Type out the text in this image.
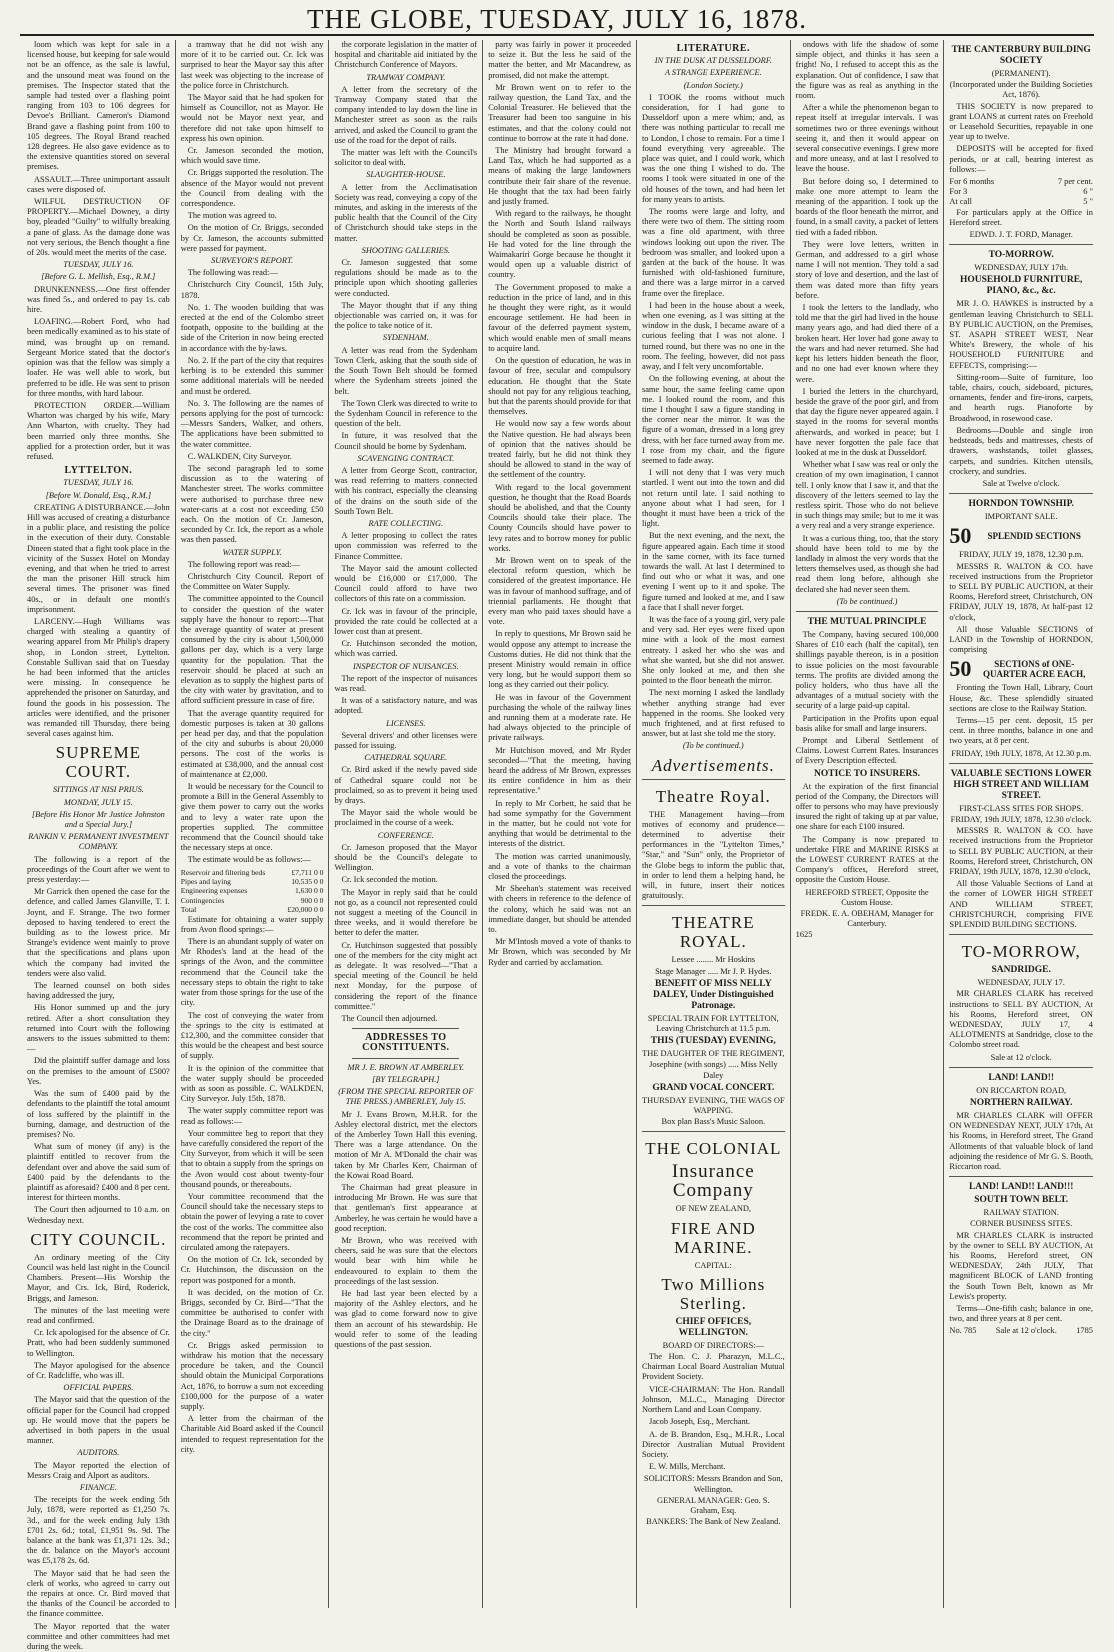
THE GLOBE, TUESDAY, JULY 16, 1878.

loom which was kept for sale in a licensed house, but keeping for sale would not be an offence, as the sale is lawful, and the unsound meat was found on the premises. The Inspector stated that the sample had tested over a flashing point ranging from 103 to 106 degrees for Devoe's Brilliant. Cameron's Diamond Brand gave a flashing point from 100 to 105 degrees. The Royal Brand reached 128 degrees. He also gave evidence as to the extensive quantities stored on several premises.

ASSAULT.—Three unimportant assault cases were disposed of.

WILFUL DESTRUCTION OF PROPERTY.—Michael Downey, a dirty boy, pleaded "Guilty" to wilfully breaking a pane of glass. As the damage done was not very serious, the Bench thought a fine of 20s. would meet the merits of the case.

TUESDAY, JULY 16.
[Before G. L. Mellish, Esq., R.M.]

DRUNKENNESS.—One first offender was fined 5s., and ordered to pay 1s. cab hire.

LOAFING.—Robert Ford, who had been medically examined as to his state of mind, was brought up on remand. Sergeant Morice stated that the doctor's opinion was that the fellow was simply a loafer. He was well able to work, but preferred to be idle. He was sent to prison for three months, with hard labour.

PROTECTION ORDER.—William Wharton was charged by his wife, Mary Ann Wharton, with cruelty. They had been married only three months. She applied for a protection order, but it was refused.

LYTTELTON.
TUESDAY, JULY 16.
[Before W. Donald, Esq., R.M.]

CREATING A DISTURBANCE.—John Hill was accused of creating a disturbance in a public place, and resisting the police in the execution of their duty. Constable Dineen stated that a fight took place in the vicinity of the Sussex Hotel on Monday evening, and that when he tried to arrest the man the prisoner Hill struck him several times. The prisoner was fined 40s., or in default one month's imprisonment.

LARCENY.—Hugh Williams was charged with stealing a quantity of wearing apparel from Mr Philip's drapery shop, in London street, Lyttelton. Constable Sullivan said that on Tuesday he had been informed that the articles were missing. In consequence he apprehended the prisoner on Saturday, and found the goods in his possession. The articles were identified, and the prisoner was remanded till Thursday, there being several cases against him.

SUPREME COURT.
SITTINGS AT NISI PRIUS.
MONDAY, JULY 15.
[Before His Honor Mr Justice Johnston and a Special Jury.]
RANKIN V. PERMANENT INVESTMENT COMPANY.

The following is a report of the proceedings of the Court after we went to press yesterday:—

Mr Garrick then opened the case for the defence, and called James Glanville, T. I. Joynt, and F. Strange. The two former deposed to having tendered to erect the building as to the lowest price. Mr Strange's evidence went mainly to prove that the specifications and plans upon which the company had invited the tenders were also valid.

The learned counsel on both sides having addressed the jury,

His Honor summed up and the jury retired. After a short consultation they returned into Court with the following answers to the issues submitted to them:—

Did the plaintiff suffer damage and loss on the premises to the amount of £500? Yes.

Was the sum of £400 paid by the defendants to the plaintiff the total amount of loss suffered by the plaintiff in the burning, damage, and destruction of the premises? No.

What sum of money (if any) is the plaintiff entitled to recover from the defendant over and above the said sum of £400 paid by the defendants to the plaintiff as aforesaid? £400 and 8 per cent. interest for thirteen months.

The Court then adjourned to 10 a.m. on Wednesday next.

CITY COUNCIL.

An ordinary meeting of the City Council was held last night in the Council Chambers. Present—His Worship the Mayor, and Crs. Ick, Bird, Roderick, Briggs, and Jameson.

The minutes of the last meeting were read and confirmed.

Cr. Ick apologised for the absence of Cr. Pratt, who had been suddenly summoned to Wellington.

The Mayor apologised for the absence of Cr. Radcliffe, who was ill.

OFFICIAL PAPERS.

The Mayor said that the question of the official paper for the Council had cropped up. He would move that the papers be advertised in both papers in the usual manner.

AUDITORS.

The Mayor reported the election of Messrs Craig and Alport as auditors.

FINANCE.

The receipts for the week ending 5th July, 1878, were reported as £1,250 7s. 3d., and for the week ending July 13th £701 2s. 6d.; total, £1,951 9s. 9d. The balance at the bank was £1,371 12s. 3d.; the dr. balance on the Mayor's account was £5,178 2s. 6d.

The Mayor said that he had seen the clerk of works, who agreed to carry out the repairs at once. Cr. Bird moved that the thanks of the Council be accorded to the finance committee.

The Mayor reported that the water committee and other committees had met during the week.

a tramway that he did not wish any more of it to be carried out. Cr. Ick was surprised to hear the Mayor say this after last week was objecting to the increase of the police force in Christchurch.

The Mayor said that he had spoken for himself as Councillor, not as Mayor. He would not be Mayor next year, and therefore did not take upon himself to express his own opinion.

Cr. Jameson seconded the motion, which would save time.

Cr. Briggs supported the resolution. The absence of the Mayor would not prevent the Council from dealing with the correspondence.

The motion was agreed to.

On the motion of Cr. Briggs, seconded by Cr. Jameson, the accounts submitted were passed for payment.

SURVEYOR'S REPORT.

The following was read:—

Christchurch City Council, 15th July, 1878.

No. 1. The wooden building that was erected at the end of the Colombo street footpath, opposite to the building at the side of the Criterion in now being erected in accordance with the by-laws.

No. 2. If the part of the city that requires kerbing is to be extended this summer some additional materials will be needed and must be ordered.

No. 3. The following are the names of persons applying for the post of turncock:—Messrs Sanders, Walker, and others. The applications have been submitted to the water committee.

C. WALKDEN, City Surveyor.

The second paragraph led to some discussion as to the watering of Manchester street. The works committee were authorised to purchase three new water-carts at a cost not exceeding £50 each. On the motion of Cr. Jameson, seconded by Cr. Ick, the report as a whole was then passed.

WATER SUPPLY.

The following report was read:—

Christchurch City Council. Report of the Committee on Water Supply.

The committee appointed to the Council to consider the question of the water supply have the honour to report:—That the average quantity of water at present consumed by the city is about 1,500,000 gallons per day, which is a very large quantity for the population. That the reservoir should be placed at such an elevation as to supply the highest parts of the city with water by gravitation, and to afford sufficient pressure in case of fire.

That the average quantity required for domestic purposes is taken at 30 gallons per head per day, and that the population of the city and suburbs is about 20,000 persons. The cost of the works is estimated at £38,000, and the annual cost of maintenance at £2,000.

It would be necessary for the Council to promote a Bill in the General Assembly to give them power to carry out the works and to levy a water rate upon the properties supplied. The committee recommend that the Council should take the necessary steps at once.

The estimate would be as follows:—

Reservoir and filtering beds	£7,711 0 0
Pipes and laying	10,535 0 0
Engineering expenses	1,630 0 0
Contingencies	900 0 0
Total	£20,000 0 0

Estimate for obtaining a water supply from Avon flood springs:—

There is an abundant supply of water on Mr Rhodes's land at the head of the springs of the Avon, and the committee recommend that the Council take the necessary steps to obtain the right to take water from those springs for the use of the city.

The cost of conveying the water from the springs to the city is estimated at £12,300, and the committee consider that this would be the cheapest and best source of supply.

It is the opinion of the committee that the water supply should be proceeded with as soon as possible. C. WALKDEN, City Surveyor. July 15th, 1878.

The water supply committee report was read as follows:—

Your committee beg to report that they have carefully considered the report of the City Surveyor, from which it will be seen that to obtain a supply from the springs on the Avon would cost about twenty-four thousand pounds, or thereabouts.

Your committee recommend that the Council should take the necessary steps to obtain the power of levying a rate to cover the cost of the works. The committee also recommend that the report be printed and circulated among the ratepayers.

On the motion of Cr. Ick, seconded by Cr. Hutchinson, the discussion on the report was postponed for a month.

It was decided, on the motion of Cr. Briggs, seconded by Cr. Bird—"That the committee be authorised to confer with the Drainage Board as to the drainage of the city."

Cr. Briggs asked permission to withdraw his motion that the necessary procedure be taken, and the Council should obtain the Municipal Corporations Act, 1876, to borrow a sum not exceeding £100,000 for the purpose of a water supply.

A letter from the chairman of the Charitable Aid Board asked if the Council intended to request representation for the city.

the corporate legislation in the matter of hospital and charitable aid initiated by the Christchurch Conference of Mayors.

TRAMWAY COMPANY.

A letter from the secretary of the Tramway Company stated that the company intended to lay down the line in Manchester street as soon as the rails arrived, and asked the Council to grant the use of the road for the depot of rails.

The matter was left with the Council's solicitor to deal with.

SLAUGHTER-HOUSE.

A letter from the Acclimatisation Society was read, conveying a copy of the minutes, and asking in the interests of the public health that the Council of the City of Christchurch should take steps in the matter.

SHOOTING GALLERIES.

Cr. Jameson suggested that some regulations should be made as to the principle upon which shooting galleries were conducted.

The Mayor thought that if any thing objectionable was carried on, it was for the police to take notice of it.

SYDENHAM.

A letter was read from the Sydenham Town Clerk, asking that the south side of the South Town Belt should be formed where the Sydenham streets joined the belt.

The Town Clerk was directed to write to the Sydenham Council in reference to the question of the belt.

In future, it was resolved that the Council should be borne by Sydenham.

SCAVENGING CONTRACT.

A letter from George Scott, contractor, was read referring to matters connected with his contract, especially the cleansing of the drains on the south side of the South Town Belt.

RATE COLLECTING.

A letter proposing to collect the rates upon commission was referred to the Finance Committee.

The Mayor said the amount collected would be £16,000 or £17,000. The Council could afford to have two collectors of this rate on a commission.

Cr. Ick was in favour of the principle, provided the rate could be collected at a lower cost than at present.

Cr. Hutchinson seconded the motion, which was carried.

INSPECTOR OF NUISANCES.

The report of the inspector of nuisances was read.

It was of a satisfactory nature, and was adopted.

LICENSES.

Several drivers' and other licenses were passed for issuing.

CATHEDRAL SQUARE.

Cr. Bird asked if the newly paved side of Cathedral square could not be proclaimed, so as to prevent it being used by drays.

The Mayor said the whole would be proclaimed in the course of a week.

CONFERENCE.

Cr. Jameson proposed that the Mayor should be the Council's delegate to Wellington.

Cr. Ick seconded the motion.

The Mayor in reply said that he could not go, as a council not represented could not suggest a meeting of the Council in three weeks, and it would therefore be better to defer the matter.

Cr. Hutchinson suggested that possibly one of the members for the city might act as delegate. It was resolved—"That a special meeting of the Council be held next Monday, for the purpose of considering the report of the finance committee."

The Council then adjourned.

ADDRESSES TO CONSTITUENTS.
MR J. E. BROWN AT AMBERLEY.
[BY TELEGRAPH.]
(FROM THE SPECIAL REPORTER OF THE PRESS.) AMBERLEY, July 15.

Mr J. Evans Brown, M.H.R. for the Ashley electoral district, met the electors of the Amberley Town Hall this evening. There was a large attendance. On the motion of Mr A. M'Donald the chair was taken by Mr Charles Kerr, Chairman of the Kowai Road Board.

The Chairman had great pleasure in introducing Mr Brown. He was sure that that gentleman's first appearance at Amberley, he was certain he would have a good reception.

Mr Brown, who was received with cheers, said he was sure that the electors would bear with him while he endeavoured to explain to them the proceedings of the last session.

He had last year been elected by a majority of the Ashley electors, and he was glad to come forward now to give them an account of his stewardship. He would refer to some of the leading questions of the past session.

party was fairly in power it proceeded to seize it. But the less he said of the matter the better, and Mr Macandrew, as promised, did not make the attempt.

Mr Brown went on to refer to the railway question, the Land Tax, and the Colonial Treasurer. He believed that the Treasurer had been too sanguine in his estimates, and that the colony could not continue to borrow at the rate it had done.

The Ministry had brought forward a Land Tax, which he had supported as a means of making the large landowners contribute their fair share of the revenue. He thought that the tax had been fairly and justly framed.

With regard to the railways, he thought the North and South Island railways should be completed as soon as possible. He had voted for the line through the Waimakariri Gorge because he thought it would open up a valuable district of country.

The Government proposed to make a reduction in the price of land, and in this he thought they were right, as it would encourage settlement. He had been in favour of the deferred payment system, which would enable men of small means to acquire land.

On the question of education, he was in favour of free, secular and compulsory education. He thought that the State should not pay for any religious teaching, but that the parents should provide for that themselves.

He would now say a few words about the Native question. He had always been of opinion that the natives should be treated fairly, but he did not think they should be allowed to stand in the way of the settlement of the country.

With regard to the local government question, he thought that the Road Boards should be abolished, and that the County Councils should take their place. The County Councils should have power to levy rates and to borrow money for public works.

Mr Brown went on to speak of the electoral reform question, which he considered of the greatest importance. He was in favour of manhood suffrage, and of triennial parliaments. He thought that every man who paid taxes should have a vote.

In reply to questions, Mr Brown said he would oppose any attempt to increase the Customs duties. He did not think that the present Ministry would remain in office very long, but he would support them so long as they carried out their policy.

He was in favour of the Government purchasing the whole of the railway lines and running them at a moderate rate. He had always objected to the principle of private railways.

Mr Hutchison moved, and Mr Ryder seconded—"That the meeting, having heard the address of Mr Brown, expresses its entire confidence in him as their representative."

In reply to Mr Corbett, he said that he had some sympathy for the Government in the matter, but he could not vote for anything that would be detrimental to the interests of the district.

The motion was carried unanimously, and a vote of thanks to the chairman closed the proceedings.

Mr Sheehan's statement was received with cheers in reference to the defence of the colony, which he said was not an immediate danger, but should be attended to.

Mr M'Intosh moved a vote of thanks to Mr Brown, which was seconded by Mr Ryder and carried by acclamation.

LITERATURE.
IN THE DUSK AT DUSSELDORF.
A STRANGE EXPERIENCE.
(London Society.)

I TOOK the rooms without much consideration, for I had gone to Dusseldorf upon a mere whim; and, as there was nothing particular to recall me to London, I chose to remain. For a time I found everything very agreeable. The place was quiet, and I could work, which was the one thing I wished to do. The rooms I took were situated in one of the old houses of the town, and had been let for many years to artists.

The rooms were large and lofty, and there were two of them. The sitting room was a fine old apartment, with three windows looking out upon the river. The bedroom was smaller, and looked upon a garden at the back of the house. It was furnished with old-fashioned furniture, and there was a large mirror in a carved frame over the fireplace.

I had been in the house about a week, when one evening, as I was sitting at the window in the dusk, I became aware of a curious feeling that I was not alone. I turned round, but there was no one in the room. The feeling, however, did not pass away, and I felt very uncomfortable.

On the following evening, at about the same hour, the same feeling came upon me. I looked round the room, and this time I thought I saw a figure standing in the corner near the mirror. It was the figure of a woman, dressed in a long grey dress, with her face turned away from me. I rose from my chair, and the figure seemed to fade away.

I will not deny that I was very much startled. I went out into the town and did not return until late. I said nothing to anyone about what I had seen, for I thought it must have been a trick of the light.

But the next evening, and the next, the figure appeared again. Each time it stood in the same corner, with its face turned towards the wall. At last I determined to find out who or what it was, and one evening I went up to it and spoke. The figure turned and looked at me, and I saw a face that I shall never forget.

It was the face of a young girl, very pale and very sad. Her eyes were fixed upon mine with a look of the most earnest entreaty. I asked her who she was and what she wanted, but she did not answer. She only looked at me, and then she pointed to the floor beneath the mirror.

The next morning I asked the landlady whether anything strange had ever happened in the rooms. She looked very much frightened, and at first refused to answer, but at last she told me the story.

(To be continued.)
Advertisements.
Theatre Royal.

THE Management having—from motives of economy and prudence—determined to advertise their performances in the "Lyttelton Times," "Star," and "Sun" only, the Proprietor of the Globe begs to inform the public that, in order to lend them a helping hand, he will, in future, insert their notices gratuitously.

THEATRE ROYAL.
Lessee ........ Mr Hoskins
Stage Manager ..... Mr J. P. Hydes.
BENEFIT OF MISS NELLY DALEY, Under Distinguished Patronage.
SPECIAL TRAIN FOR LYTTELTON, Leaving Christchurch at 11.5 p.m.
THIS (TUESDAY) EVENING,
THE DAUGHTER OF THE REGIMENT,
Josephine (with songs) ..... Miss Nelly Daley
GRAND VOCAL CONCERT.
THURSDAY EVENING, THE WAGS OF WAPPING.
Box plan Bass's Music Saloon.
THE COLONIAL
Insurance Company
OF NEW ZEALAND,
FIRE AND MARINE.
CAPITAL:
Two Millions Sterling.
CHIEF OFFICES, WELLINGTON.
BOARD OF DIRECTORS:—

The Hon. C. J. Pharazyn, M.L.C., Chairman Local Board Australian Mutual Provident Society.

VICE-CHAIRMAN: The Hon. Randall Johnson, M.L.C., Managing Director Northern Land and Loan Company.

Jacob Joseph, Esq., Merchant.

A. de B. Brandon, Esq., M.H.R., Local Director Australian Mutual Provident Society.

E. W. Mills, Merchant.

SOLICITORS: Messrs Brandon and Son, Wellington.
GENERAL MANAGER: Geo. S. Graham, Esq.
BANKERS: The Bank of New Zealand.

ondows with life the shadow of some simple object, and thinks it has seen a fright! No, I refused to accept this as the explanation. Out of confidence, I saw that the figure was as real as anything in the room.

After a while the phenomenon began to repeat itself at irregular intervals. I was sometimes two or three evenings without seeing it, and then it would appear on several consecutive evenings. I grew more and more uneasy, and at last I resolved to leave the house.

But before doing so, I determined to make one more attempt to learn the meaning of the apparition. I took up the boards of the floor beneath the mirror, and found, in a small cavity, a packet of letters tied with a faded ribbon.

They were love letters, written in German, and addressed to a girl whose name I will not mention. They told a sad story of love and desertion, and the last of them was dated more than fifty years before.

I took the letters to the landlady, who told me that the girl had lived in the house many years ago, and had died there of a broken heart. Her lover had gone away to the wars and had never returned. She had kept his letters hidden beneath the floor, and no one had ever known where they were.

I buried the letters in the churchyard, beside the grave of the poor girl, and from that day the figure never appeared again. I stayed in the rooms for several months afterwards, and worked in peace; but I have never forgotten the pale face that looked at me in the dusk at Dusseldorf.

Whether what I saw was real or only the creation of my own imagination, I cannot tell. I only know that I saw it, and that the discovery of the letters seemed to lay the restless spirit. Those who do not believe in such things may smile; but to me it was a very real and a very strange experience.

It was a curious thing, too, that the story should have been told to me by the landlady in almost the very words that the letters themselves used, as though she had read them long before, although she declared she had never seen them.

(To be continued.)
THE MUTUAL PRINCIPLE

The Company, having secured 100,000 Shares of £10 each (half the capital), ten shillings payable thereon, is in a position to issue policies on the most favourable terms. The profits are divided among the policy holders, who thus have all the advantages of a mutual society with the security of a large paid-up capital.

Participation in the Profits upon equal basis alike for small and large insurers.

Prompt and Liberal Settlement of Claims. Lowest Current Rates. Insurances of Every Description effected.

NOTICE TO INSURERS.

At the expiration of the first financial period of the Company, the Directors will offer to persons who may have previously insured the right of taking up at par value, one share for each £100 insured.

The Company is now prepared to undertake FIRE and MARINE RISKS at the LOWEST CURRENT RATES at the Company's offices, Hereford street, opposite the Custom House.

HEREFORD STREET, Opposite the Custom House.
FREDK. E. A. OBEHAM, Manager for Canterbury.
1625
THE CANTERBURY BUILDING SOCIETY
(PERMANENT).
(Incorporated under the Building Societies Act, 1876).

THIS SOCIETY is now prepared to grant LOANS at current rates on Freehold or Leasehold Securities, repayable in one year up to twelve.

DEPOSITS will be accepted for fixed periods, or at call, bearing interest as follows:—

For 6 months	7 per cent.
For 3	6 "
At call	5 "

For particulars apply at the Office in Hereford street.

EDWD. J. T. FORD, Manager.
TO-MORROW.
WEDNESDAY, JULY 17th.
HOUSEHOLD FURNITURE, PIANO, &c., &c.

MR J. O. HAWKES is instructed by a gentleman leaving Christchurch to SELL BY PUBLIC AUCTION, on the Premises, ST. ASAPH STREET WEST, Near White's Brewery, the whole of his HOUSEHOLD FURNITURE and EFFECTS, comprising:—

Sitting-room—Suite of furniture, loo table, chairs, couch, sideboard, pictures, ornaments, fender and fire-irons, carpets, and hearth rugs. Pianoforte by Broadwood, in rosewood case.

Bedrooms—Double and single iron bedsteads, beds and mattresses, chests of drawers, washstands, toilet glasses, carpets, and sundries. Kitchen utensils, crockery, and sundries.

Sale at Twelve o'clock.
HORNDON TOWNSHIP.
IMPORTANT SALE.
50	SPLENDID SECTIONS
FRIDAY, JULY 19, 1878, 12.30 p.m.

MESSRS R. WALTON & CO. have received instructions from the Proprietor to SELL BY PUBLIC AUCTION, at their Rooms, Hereford street, Christchurch, ON FRIDAY, JULY 19, 1878, At half-past 12 o'clock,

All those Valuable SECTIONS of LAND in the Township of HORNDON, comprising

50	SECTIONS of ONE-QUARTER ACRE EACH,

Fronting the Town Hall, Library, Court House, &c. These splendidly situated sections are close to the Railway Station.

Terms—15 per cent. deposit, 15 per cent. in three months, balance in one and two years, at 8 per cent.

FRIDAY, 19th JULY, 1878, At 12.30 p.m.
VALUABLE SECTIONS LOWER HIGH STREET AND WILLIAM STREET.
FIRST-CLASS SITES FOR SHOPS.
FRIDAY, 19th JULY, 1878, 12.30 o'clock.

MESSRS R. WALTON & CO. have received instructions from the Proprietor to SELL BY PUBLIC AUCTION, at their Rooms, Hereford street, Christchurch, ON FRIDAY, 19th JULY, 1878, 12.30 o'clock,

All those Valuable Sections of Land at the corner of LOWER HIGH STREET AND WILLIAM STREET, CHRISTCHURCH, comprising FIVE SPLENDID BUILDING SECTIONS.

TO-MORROW,
SANDRIDGE.
WEDNESDAY, JULY 17.

MR CHARLES CLARK has received instructions to SELL BY AUCTION, At his Rooms, Hereford street, ON WEDNESDAY, JULY 17, 4 ALLOTMENTS at Sandridge, close to the Colombo street road.

Sale at 12 o'clock.
LAND! LAND!!
ON RICCARTON ROAD,
NORTHERN RAILWAY.

MR CHARLES CLARK will OFFER ON WEDNESDAY NEXT, JULY 17th, At his Rooms, in Hereford street, The Grand Allotments of that valuable block of land adjoining the residence of Mr G. S. Booth, Riccarton road.

LAND! LAND!! LAND!!!
SOUTH TOWN BELT.
RAILWAY STATION.
CORNER BUSINESS SITES.

MR CHARLES CLARK is instructed by the owner to SELL BY AUCTION, At his Rooms, Hereford street, ON WEDNESDAY, 24th JULY, That magnificent BLOCK of LAND fronting the South Town Belt, known as Mr Lewis's property.

Terms—One-fifth cash; balance in one, two, and three years at 8 per cent.

No. 785 Sale at 12 o'clock. 1785
